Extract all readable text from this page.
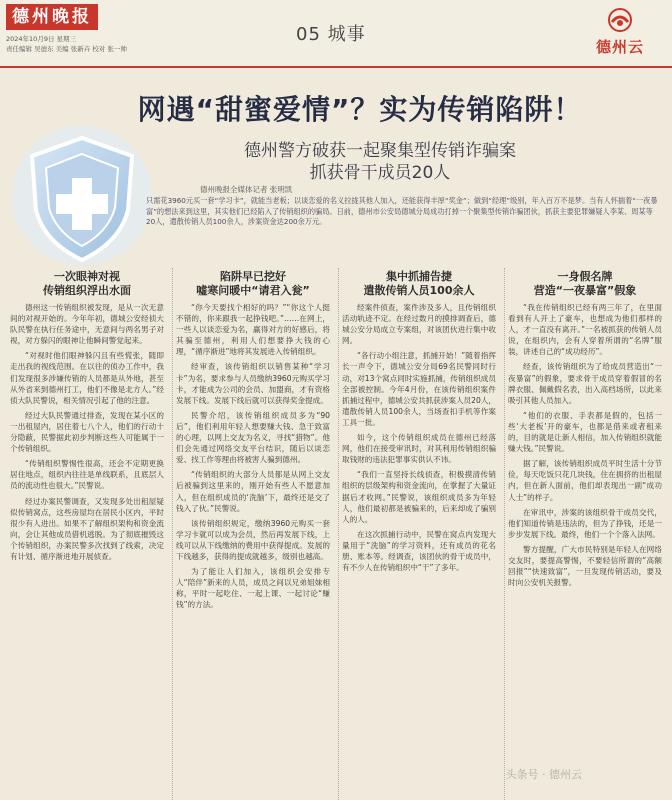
德州晚报
2024年10月9日 星期三
责任编辑 吴德东 美编 张新卉 校对 张一帅
05 城事
德州云
网遇“甜蜜爱情”？实为传销陷阱！
德州警方破获一起聚集型传销诈骗案
抓获骨干成员20人
德州晚报全媒体记者 张明凯
只需花3960元买一套“学习卡”，就能当老板；以谈恋爱的名义拉拢其他人加入，还能获得丰厚“奖金”；做到“经理”级别，年入百万不是梦。当有人怀揣着“一夜暴富”的想法来到这里，其实他们已经陷入了传销组织的骗局。日前，德州市公安局德城分局成功打掉一个聚集型传销诈骗团伙，抓获主要犯罪嫌疑人李某、周某等20人，遣散传销人员100余人，涉案资金达200余万元。
一次眼神对视
传销组织浮出水面

德州这一传销组织被发现，是从一次无意间的对视开始的。今年年初，德城公安经侦大队民警在执行任务途中，无意间与两名男子对视，对方躲闪的眼神让他瞬间警觉起来。

“对视时他们眼神躲闪且有些慌张，随即走出我的视线范围。在以往的侦办工作中，我们发现很多涉嫌传销的人员都是从外地，甚至从外省来到德州打工，他们不像是北方人。”经侦大队民警说，相关情况引起了他的注意。

经过大队民警通过排查，发现在某小区的一出租屋内，居住着七八个人，他们的行动十分隐蔽，民警据此初步判断这些人可能属于一个传销组织。

“传销组织警惕性很高，还会不定期更换居住地点，组织内往往是单线联系，且底层人员的流动性也很大。”民警说。

经过办案民警调查，又发现多处出租屋疑似传销窝点，这些房屋均在居民小区内，平时很少有人进出。如果不了解组织架构和资金流向，会让其他成员借机逃脱。为了彻底摧毁这个传销组织，办案民警多次找到了线索，决定有计划、循序渐进地开展侦查。

陷阱早已挖好
嘘寒问暖中“请君入瓮”

“你今天要找个相好的吗？”“你这个人挺不错的，你来跟我一起挣钱吧。”……在网上，一些人以谈恋爱为名，赢得对方的好感后，将其骗至德州，利用人们想要挣大钱的心理，“循序渐进”地将其发展进入传销组织。

经审查，该传销组织以销售某种“学习卡”为名，要求参与人员缴纳3960元购买学习卡，才能成为公司的会员、加盟商，才有资格发展下线。发展下线后就可以获得奖金提成。

民警介绍，该传销组织成员多为“90后”，他们利用年轻人想要赚大钱、急于致富的心理，以网上交友为名义，寻找“猎物”。他们会先通过网络交友平台结识，随后以谈恋爱、找工作等理由将被害人骗到德州。

“传销组织的大部分人员都是从网上交友后被骗到这里来的，刚开始有些人不愿意加入，但在组织成员的‘洗脑’下，最终还是交了钱入了伙。”民警说。

该传销组织规定，缴纳3960元购买一套学习卡就可以成为会员，然后再发展下线，上线可以从下线缴纳的费用中获得提成。发展的下线越多，获得的提成就越多，级别也越高。

为了能让人们加入，该组织会安排专人“陪伴”新来的人员，成员之间以兄弟姐妹相称，平时一起吃住、一起上课、一起讨论“赚钱”的方法。

集中抓捕告捷
遣散传销人员100余人

经案件侦查，案件涉及多人，且传销组织活动轨迹不定。在经过数月的摸排调查后，德城公安分局成立专案组，对该团伙进行集中收网。

“各行动小组注意，抓捕开始！”随着指挥长一声令下，德城公安分局69名民警同时行动，对13个窝点同时实施抓捕，传销组织成员全部被控制。今年4月份，在该传销组织案件抓捕过程中，德城公安共抓获涉案人员20人，遣散传销人员100余人，当场查扣手机等作案工具一批。

如今，这个传销组织成员在德州已经落网，他们在接受审讯时，对其利用传销组织骗取钱财的违法犯罪事实供认不讳。

“我们一直坚持长线侦查，积极摸清传销组织的层级架构和资金流向，在掌握了大量证据后才收网。”民警说，该组织成员多为年轻人，他们最初都是被骗来的，后来却成了骗别人的人。

在这次抓捕行动中，民警在窝点内发现大量用于“洗脑”的学习资料，还有成员的花名册、账本等。经调查，该团伙的骨干成员中，有不少人在传销组织中“干”了多年。

一身假名牌
营造“一夜暴富”假象

“我在传销组织已经有两三年了，在里面看到有人开上了豪车，也想成为他们那样的人，才一直没有离开。”一名被抓获的传销人员说，在组织内，会有人穿着所谓的“名牌”服装，讲述自己的“成功经历”。

经查，该传销组织为了给成员营造出“一夜暴富”的假象，要求骨干成员穿着假冒的名牌衣服、佩戴假名表，出入高档场所，以此来吸引其他人员加入。

“他们的衣服、手表都是假的，包括一些‘大老板’开的豪车，也都是借来或者租来的，目的就是让新人相信，加入传销组织就能赚大钱。”民警说。

据了解，该传销组织成员平时生活十分节俭，每天吃饭只花几块钱，住在拥挤的出租屋内，但在新人面前，他们却表现出一副“成功人士”的样子。

在审讯中，涉案的该组织骨干成员交代，他们知道传销是违法的，但为了挣钱，还是一步步发展下线。最终，他们一个个落入法网。

警方提醒，广大市民特别是年轻人在网络交友时，要提高警惕，不要轻信所谓的“高额回报”“快速致富”，一旦发现传销活动，要及时向公安机关报警。

头条号 · 德州云
